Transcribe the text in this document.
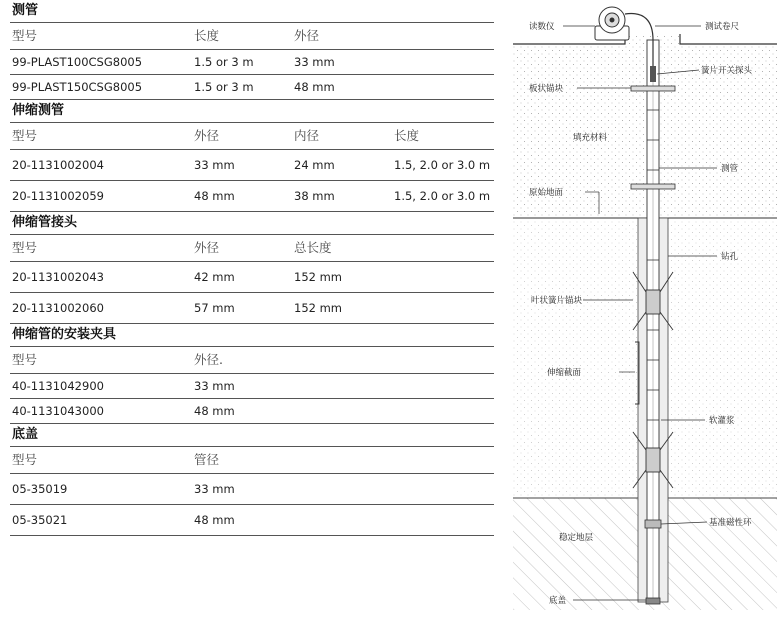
测管
型号	长度	外径
99-PLAST100CSG8005	1.5 or 3 m	33 mm
99-PLAST150CSG8005	1.5 or 3 m	48 mm
伸缩测管
型号	外径	内径	长度
20-1131002004	33 mm	24 mm	1.5, 2.0 or 3.0 m
20-1131002059	48 mm	38 mm	1.5, 2.0 or 3.0 m
伸缩管接头
型号	外径	总长度
20-1131002043	42 mm	152 mm
20-1131002060	57 mm	152 mm
伸缩管的安装夹具
型号	外径.
40-1131042900	33 mm
40-1131043000	48 mm
底盖
型号	管径
05-35019	33 mm
05-35021	48 mm
读数仪	测试卷尺
簧片开关探头
板状锚块
填充材料
测管
原始地面
钻孔
叶状簧片锚块
伸缩截面
软灌浆
基准磁性环
稳定地层
底盖
